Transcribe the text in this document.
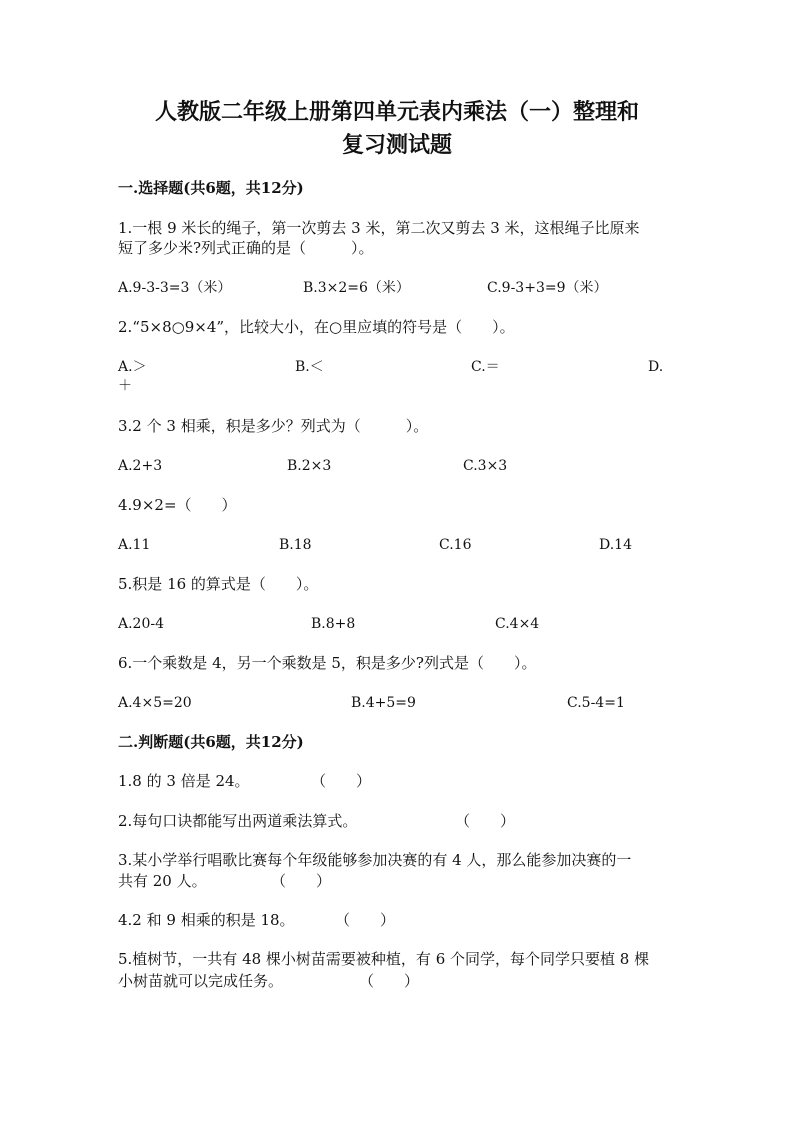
人教版二年级上册第四单元表内乘法（一）整理和
复习测试题
一.选择题(共6题，共12分)
1.一根 9 米长的绳子，第一次剪去 3 米，第二次又剪去 3 米，这根绳子比原来
短了多少米?列式正确的是（　　　）。
A.9-3-3=3（米）	B.3×2=6（米）	C.9-3+3=9（米）
2.“5×8○9×4”，比较大小，在○里应填的符号是（　　）。
A.＞	B.＜	C.＝	D.
＋
3.2 个 3 相乘，积是多少？列式为（　　　）。
A.2+3	B.2×3	C.3×3
4.9×2=（　　）
A.11	B.18	C.16	D.14
5.积是 16 的算式是（　　）。
A.20-4	B.8+8	C.4×4
6.一个乘数是 4，另一个乘数是 5，积是多少?列式是（　　）。
A.4×5=20	B.4+5=9	C.5-4=1
二.判断题(共6题，共12分)
1.8 的 3 倍是 24。	（　　）
2.每句口诀都能写出两道乘法算式。	（　　）
3.某小学举行唱歌比赛每个年级能够参加决赛的有 4 人，那么能参加决赛的一
共有 20 人。	（　　）
4.2 和 9 相乘的积是 18。	（　　）
5.植树节，一共有 48 棵小树苗需要被种植，有 6 个同学，每个同学只要植 8 棵
小树苗就可以完成任务。	（　　）
